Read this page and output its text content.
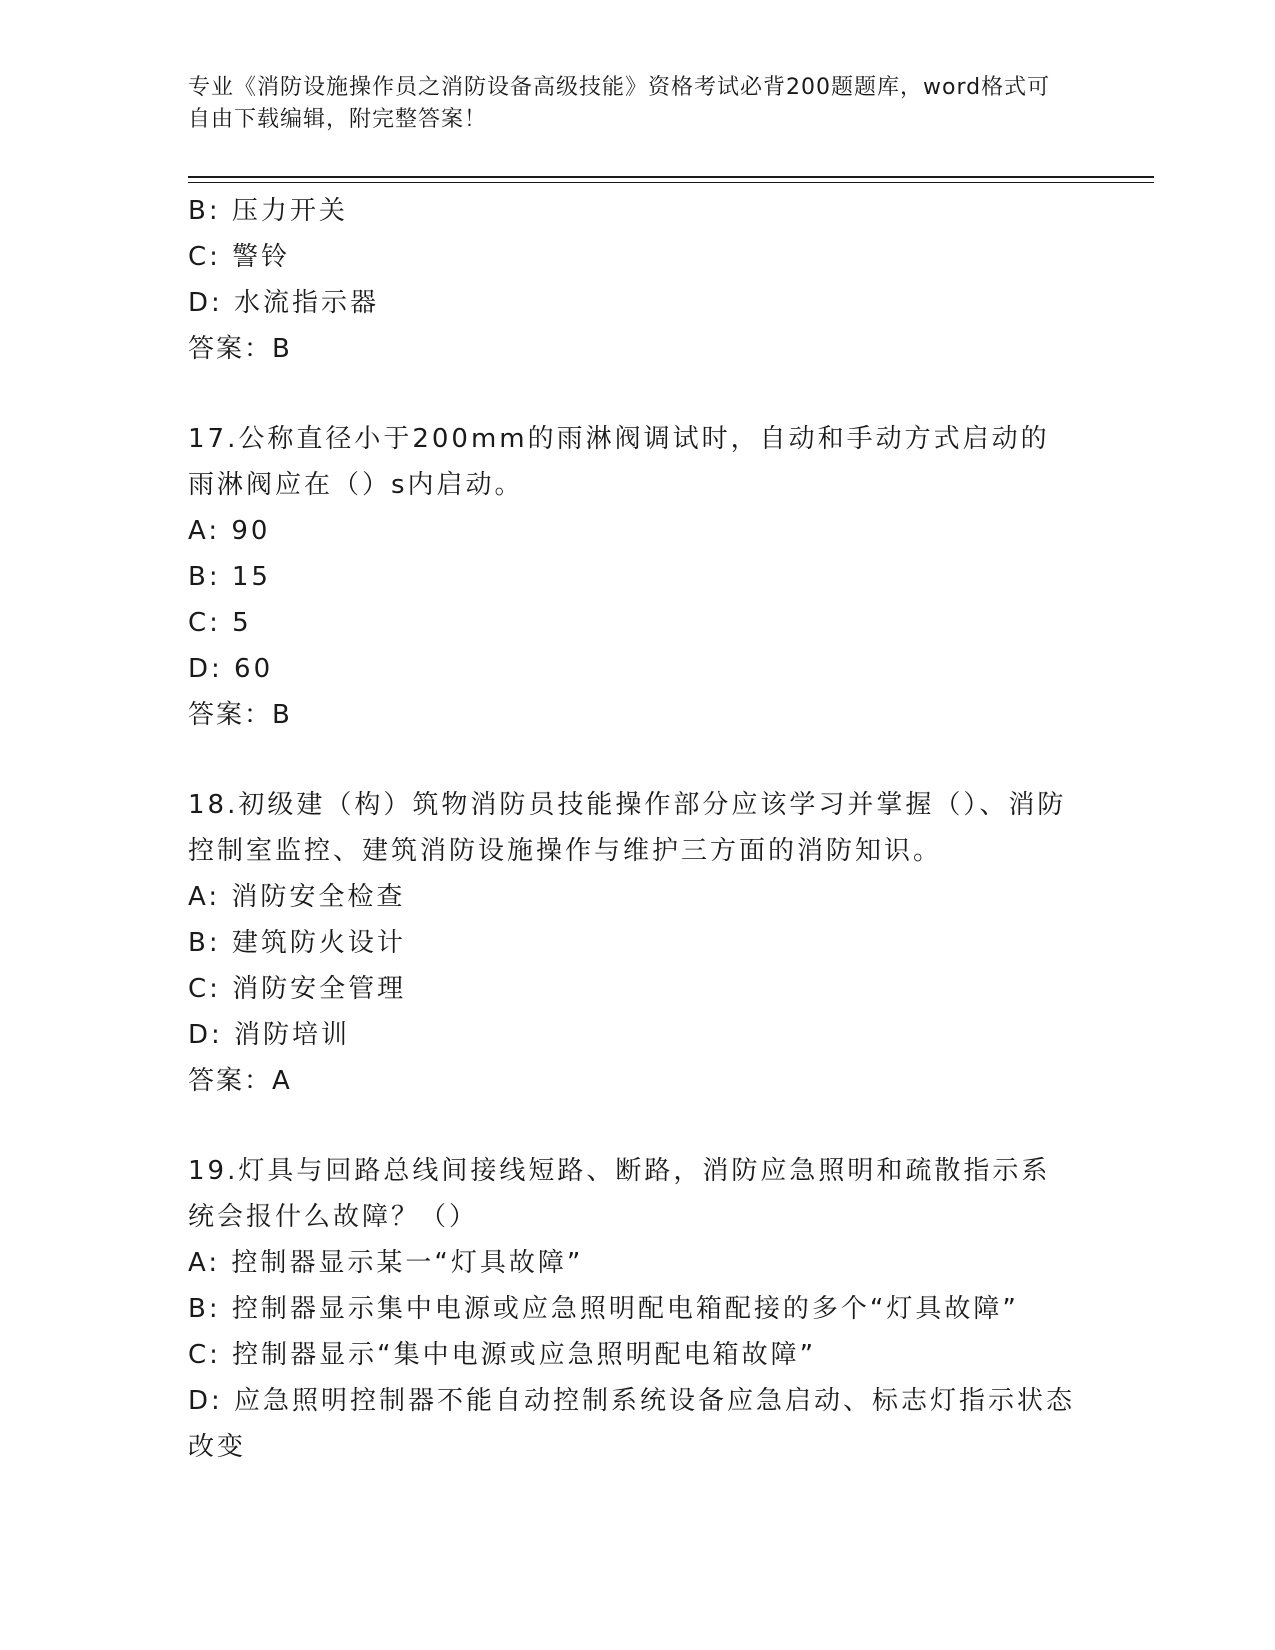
专业《消防设施操作员之消防设备高级技能》资格考试必背200题题库，word格式可自由下载编辑，附完整答案！
B: 压力开关
C: 警铃
D: 水流指示器
答案：B
17.公称直径小于200mm的雨淋阀调试时，自动和手动方式启动的雨淋阀应在（）s内启动。
A: 90
B: 15
C: 5
D: 60
答案：B
18.初级建（构）筑物消防员技能操作部分应该学习并掌握（）、消防控制室监控、建筑消防设施操作与维护三方面的消防知识。
A: 消防安全检查
B: 建筑防火设计
C: 消防安全管理
D: 消防培训
答案：A
19.灯具与回路总线间接线短路、断路，消防应急照明和疏散指示系统会报什么故障？（）
A: 控制器显示某一“灯具故障”
B: 控制器显示集中电源或应急照明配电箱配接的多个“灯具故障”
C: 控制器显示“集中电源或应急照明配电箱故障”
D: 应急照明控制器不能自动控制系统设备应急启动、标志灯指示状态改变
